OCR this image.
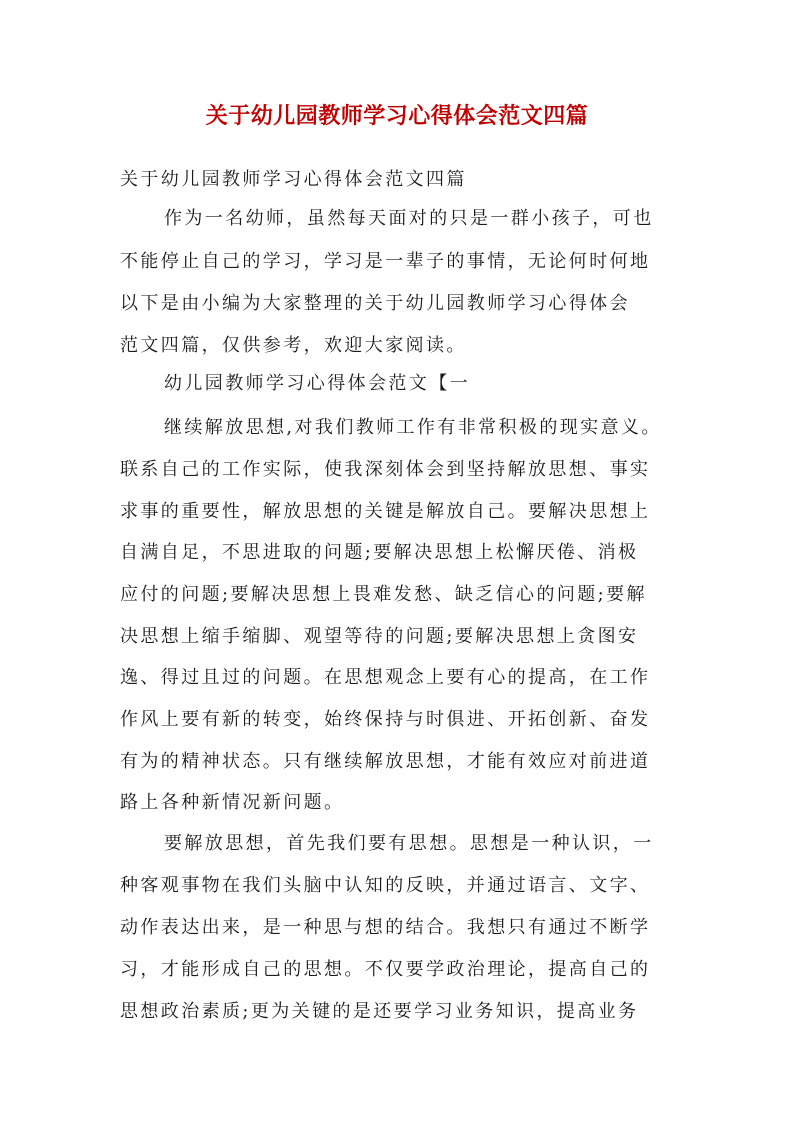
关于幼儿园教师学习心得体会范文四篇
关于幼儿园教师学习心得体会范文四篇
作为一名幼师，虽然每天面对的只是一群小孩子，可也
不能停止自己的学习，学习是一辈子的事情，无论何时何地
以下是由小编为大家整理的关于幼儿园教师学习心得体会
范文四篇，仅供参考，欢迎大家阅读。
幼儿园教师学习心得体会范文【一
继续解放思想,对我们教师工作有非常积极的现实意义。
联系自己的工作实际，使我深刻体会到坚持解放思想、事实
求事的重要性，解放思想的关键是解放自己。要解决思想上
自满自足，不思进取的问题;要解决思想上松懈厌倦、消极
应付的问题;要解决思想上畏难发愁、缺乏信心的问题;要解
决思想上缩手缩脚、观望等待的问题;要解决思想上贪图安
逸、得过且过的问题。在思想观念上要有心的提高，在工作
作风上要有新的转变，始终保持与时俱进、开拓创新、奋发
有为的精神状态。只有继续解放思想，才能有效应对前进道
路上各种新情况新问题。
要解放思想，首先我们要有思想。思想是一种认识，一
种客观事物在我们头脑中认知的反映，并通过语言、文字、
动作表达出来，是一种思与想的结合。我想只有通过不断学
习，才能形成自己的思想。不仅要学政治理论，提高自己的
思想政治素质;更为关键的是还要学习业务知识，提高业务
